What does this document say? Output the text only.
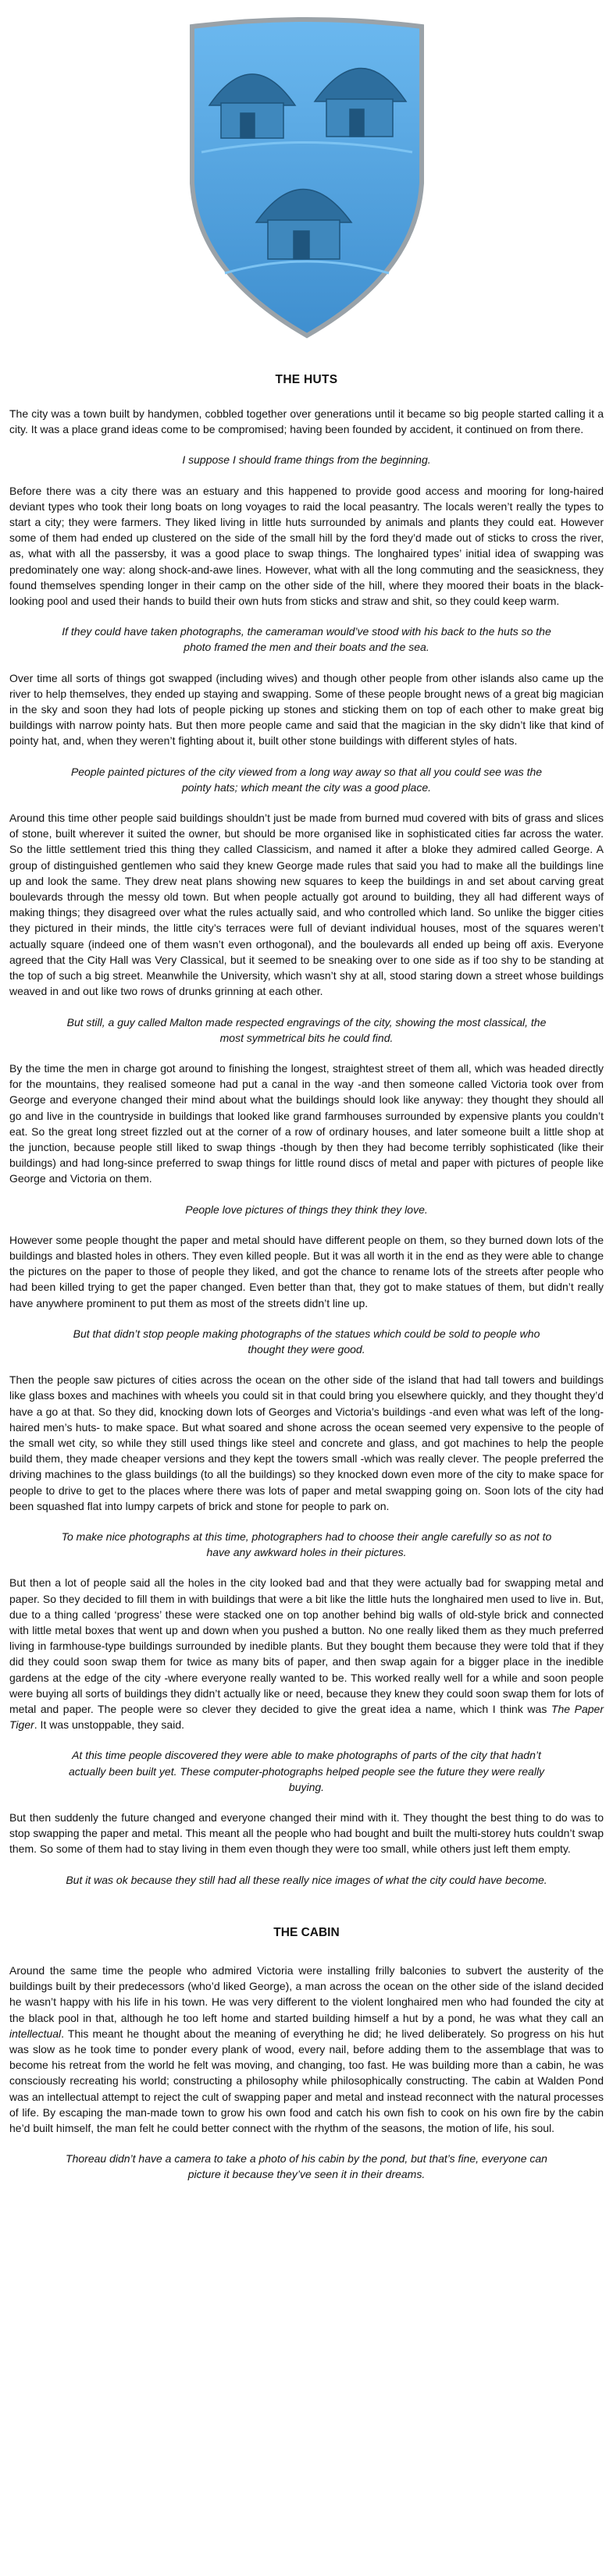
THE HUTS

The city was a town built by handymen, cobbled together over generations until it became so big people started calling it a city. It was a place grand ideas come to be compromised; having been founded by accident, it continued on from there.

I suppose I should frame things from the beginning.

Before there was a city there was an estuary and this happened to provide good access and mooring for long-haired deviant types who took their long boats on long voyages to raid the local peasantry. The locals weren’t really the types to start a city; they were farmers. They liked living in little huts surrounded by animals and plants they could eat. However some of them had ended up clustered on the side of the small hill by the ford they’d made out of sticks to cross the river, as, what with all the passersby, it was a good place to swap things. The longhaired types’ initial idea of swapping was predominately one way: along shock-and-awe lines. However, what with all the long commuting and the seasickness, they found themselves spending longer in their camp on the other side of the hill, where they moored their boats in the black-looking pool and used their hands to build their own huts from sticks and straw and shit, so they could keep warm.

If they could have taken photographs, the cameraman would’ve stood with his back to the huts so the photo framed the men and their boats and the sea.

Over time all sorts of things got swapped (including wives) and though other people from other islands also came up the river to help themselves, they ended up staying and swapping. Some of these people brought news of a great big magician in the sky and soon they had lots of people picking up stones and sticking them on top of each other to make great big buildings with narrow pointy hats. But then more people came and said that the magician in the sky didn’t like that kind of pointy hat, and, when they weren’t fighting about it, built other stone buildings with different styles of hats.

People painted pictures of the city viewed from a long way away so that all you could see was the pointy hats; which meant the city was a good place.

Around this time other people said buildings shouldn’t just be made from burned mud covered with bits of grass and slices of stone, built wherever it suited the owner, but should be more organised like in sophisticated cities far across the water. So the little settlement tried this thing they called Classicism, and named it after a bloke they admired called George. A group of distinguished gentlemen who said they knew George made rules that said you had to make all the buildings line up and look the same. They drew neat plans showing new squares to keep the buildings in and set about carving great boulevards through the messy old town. But when people actually got around to building, they all had different ways of making things; they disagreed over what the rules actually said, and who controlled which land. So unlike the bigger cities they pictured in their minds, the little city’s terraces were full of deviant individual houses, most of the squares weren’t actually square (indeed one of them wasn’t even orthogonal), and the boulevards all ended up being off axis. Everyone agreed that the City Hall was Very Classical, but it seemed to be sneaking over to one side as if too shy to be standing at the top of such a big street. Meanwhile the University, which wasn’t shy at all, stood staring down a street whose buildings weaved in and out like two rows of drunks grinning at each other.

But still, a guy called Malton made respected engravings of the city, showing the most classical, the most symmetrical bits he could find.

By the time the men in charge got around to finishing the longest, straightest street of them all, which was headed directly for the mountains, they realised someone had put a canal in the way -and then someone called Victoria took over from George and everyone changed their mind about what the buildings should look like anyway: they thought they should all go and live in the countryside in buildings that looked like grand farmhouses surrounded by expensive plants you couldn’t eat. So the great long street fizzled out at the corner of a row of ordinary houses, and later someone built a little shop at the junction, because people still liked to swap things -though by then they had become terribly sophisticated (like their buildings) and had long-since preferred to swap things for little round discs of metal and paper with pictures of people like George and Victoria on them.

People love pictures of things they think they love.

However some people thought the paper and metal should have different people on them, so they burned down lots of the buildings and blasted holes in others. They even killed people. But it was all worth it in the end as they were able to change the pictures on the paper to those of people they liked, and got the chance to rename lots of the streets after people who had been killed trying to get the paper changed. Even better than that, they got to make statues of them, but didn’t really have anywhere prominent to put them as most of the streets didn’t line up.

But that didn’t stop people making photographs of the statues which could be sold to people who thought they were good.

Then the people saw pictures of cities across the ocean on the other side of the island that had tall towers and buildings like glass boxes and machines with wheels you could sit in that could bring you elsewhere quickly, and they thought they’d have a go at that. So they did, knocking down lots of Georges and Victoria’s buildings -and even what was left of the long-haired men’s huts- to make space. But what soared and shone across the ocean seemed very expensive to the people of the small wet city, so while they still used things like steel and concrete and glass, and got machines to help the people build them, they made cheaper versions and they kept the towers small -which was really clever. The people preferred the driving machines to the glass buildings (to all the buildings) so they knocked down even more of the city to make space for people to drive to get to the places where there was lots of paper and metal swapping going on. Soon lots of the city had been squashed flat into lumpy carpets of brick and stone for people to park on.

To make nice photographs at this time, photographers had to choose their angle carefully so as not to have any awkward holes in their pictures.

But then a lot of people said all the holes in the city looked bad and that they were actually bad for swapping metal and paper. So they decided to fill them in with buildings that were a bit like the little huts the longhaired men used to live in. But, due to a thing called ‘progress’ these were stacked one on top another behind big walls of old-style brick and connected with little metal boxes that went up and down when you pushed a button. No one really liked them as they much preferred living in farmhouse-type buildings surrounded by inedible plants. But they bought them because they were told that if they did they could soon swap them for twice as many bits of paper, and then swap again for a bigger place in the inedible gardens at the edge of the city -where everyone really wanted to be. This worked really well for a while and soon people were buying all sorts of buildings they didn’t actually like or need, because they knew they could soon swap them for lots of metal and paper. The people were so clever they decided to give the great idea a name, which I think was The Paper Tiger. It was unstoppable, they said.

At this time people discovered they were able to make photographs of parts of the city that hadn’t actually been built yet. These computer-photographs helped people see the future they were really buying.

But then suddenly the future changed and everyone changed their mind with it. They thought the best thing to do was to stop swapping the paper and metal. This meant all the people who had bought and built the multi-storey huts couldn’t swap them. So some of them had to stay living in them even though they were too small, while others just left them empty.

But it was ok because they still had all these really nice images of what the city could have become.

THE CABIN

Around the same time the people who admired Victoria were installing frilly balconies to subvert the austerity of the buildings built by their predecessors (who’d liked George), a man across the ocean on the other side of the island decided he wasn’t happy with his life in his town. He was very different to the violent longhaired men who had founded the city at the black pool in that, although he too left home and started building himself a hut by a pond, he was what they call an intellectual. This meant he thought about the meaning of everything he did; he lived deliberately. So progress on his hut was slow as he took time to ponder every plank of wood, every nail, before adding them to the assemblage that was to become his retreat from the world he felt was moving, and changing, too fast. He was building more than a cabin, he was consciously recreating his world; constructing a philosophy while philosophically constructing. The cabin at Walden Pond was an intellectual attempt to reject the cult of swapping paper and metal and instead reconnect with the natural processes of life. By escaping the man-made town to grow his own food and catch his own fish to cook on his own fire by the cabin he’d built himself, the man felt he could better connect with the rhythm of the seasons, the motion of life, his soul.

Thoreau didn’t have a camera to take a photo of his cabin by the pond, but that’s fine, everyone can picture it because they’ve seen it in their dreams.
